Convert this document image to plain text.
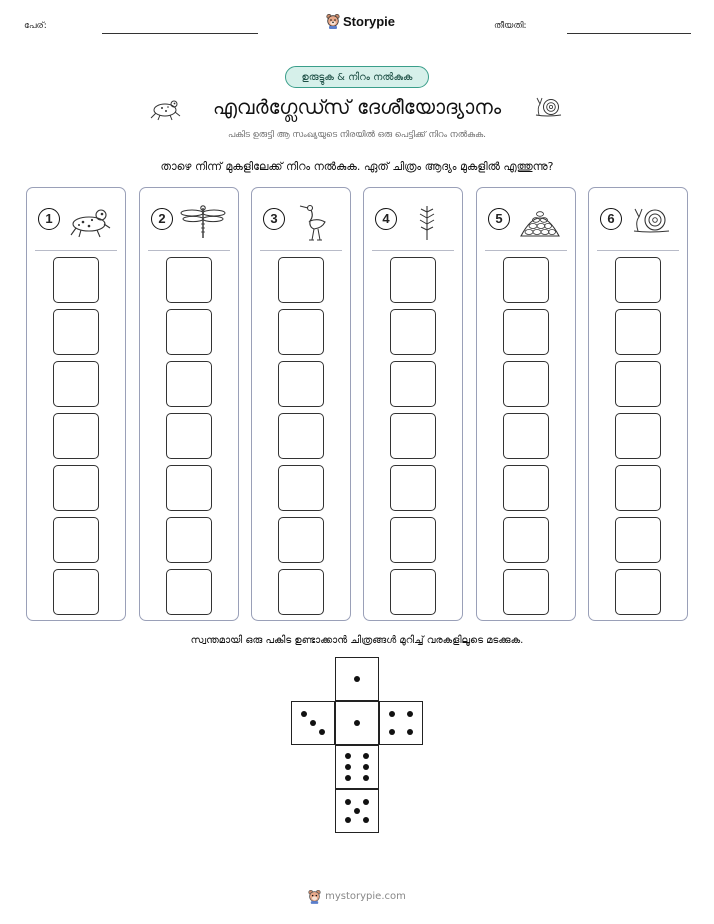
പേര്:	Storypie	തീയതി:
ഉരുട്ടുക & നിറം നൽകുക
എവർഗ്ലേഡ്സ് ദേശീയോദ്യാനം
പകിട ഉരുട്ടി ആ സംഖ്യയുടെ നിരയിൽ ഒരു പെട്ടിക്ക് നിറം നൽകുക.
താഴെ നിന്ന് മുകളിലേക്ക് നിറം നൽകുക. ഏത് ചിത്രം ആദ്യം മുകളിൽ എത്തുന്നു?
1	2	3	4	5	6
സ്വന്തമായി ഒരു പകിട ഉണ്ടാക്കാൻ ചിത്രങ്ങൾ മുറിച്ച് വരകളിലൂടെ മടക്കുക.
mystorypie.com
